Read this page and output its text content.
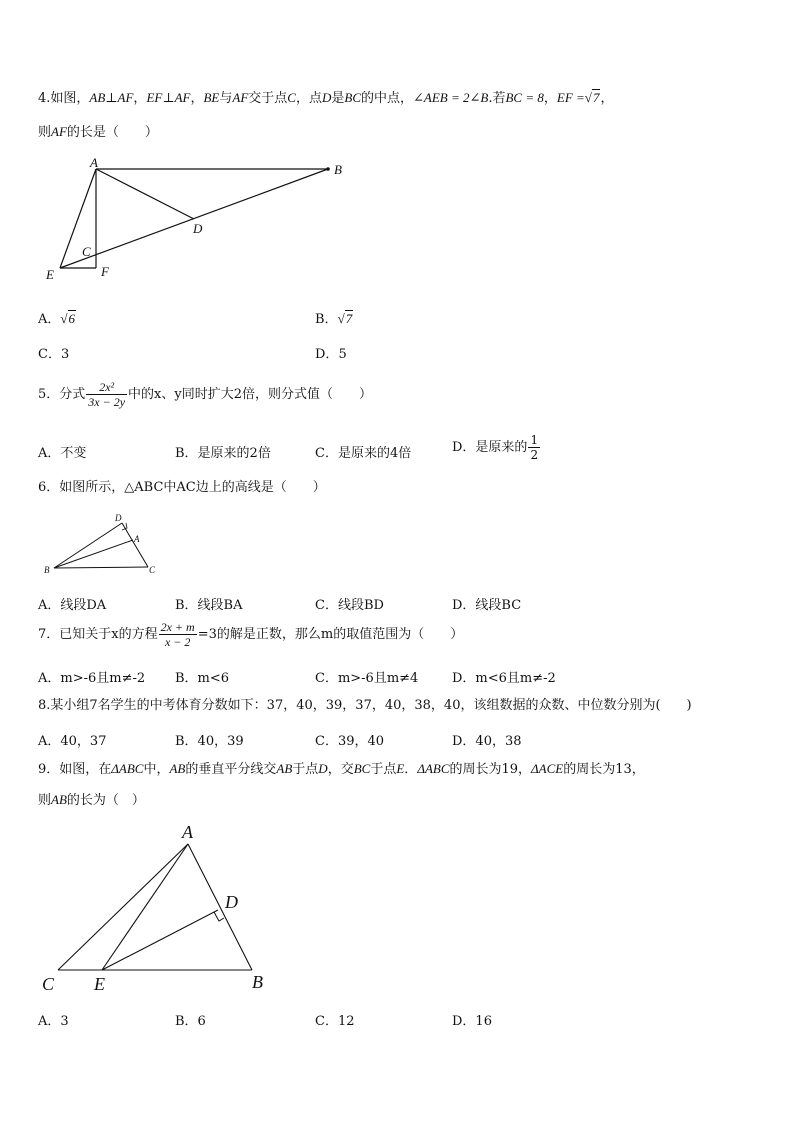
4.如图，AB⊥AF，EF⊥AF，BE与AF交于点C，点D是BC的中点，∠AEB = 2∠B.若BC = 8，EF =√7，
则AF的长是（　　）
A	B
C
D
E	F
A．√6	B．√7
C．3	D．5
5．分式 $\frac{\text{2x²}}{3x - 2y}$ 中的x、y同时扩大2倍，则分式值（　　）
A．不变	B．是原来的2倍	C．是原来的4倍	D．是原来的 $\frac{1}{2}$
6．如图所示，△ABC中AC边上的高线是（　　）
D
A
B	C
A．线段DA	B．线段BA	C．线段BD	D．线段BC
7．已知关于x的方程 $\frac{2x + m}{x - 2} =3$的解是正数，那么m的取值范围为（　　）
A．m>-6且m≠-2 B．m<6	C．m>-6且m≠4	D．m<6且m≠-2
8.某小组7名学生的中考体育分数如下：37，40，39，37，40，38，40，该组数据的众数、中位数分别为(　　)
A．40，37	B．40，39	C．39，40	D．40，38
9．如图，在ΔABC中，AB的垂直平分线交AB于点D，交BC于点E．ΔABC的周长为19，ΔACE的周长为13，
则AB的长为（　）
A
D
C E	B
A．3	B．6	C．12	D．16
